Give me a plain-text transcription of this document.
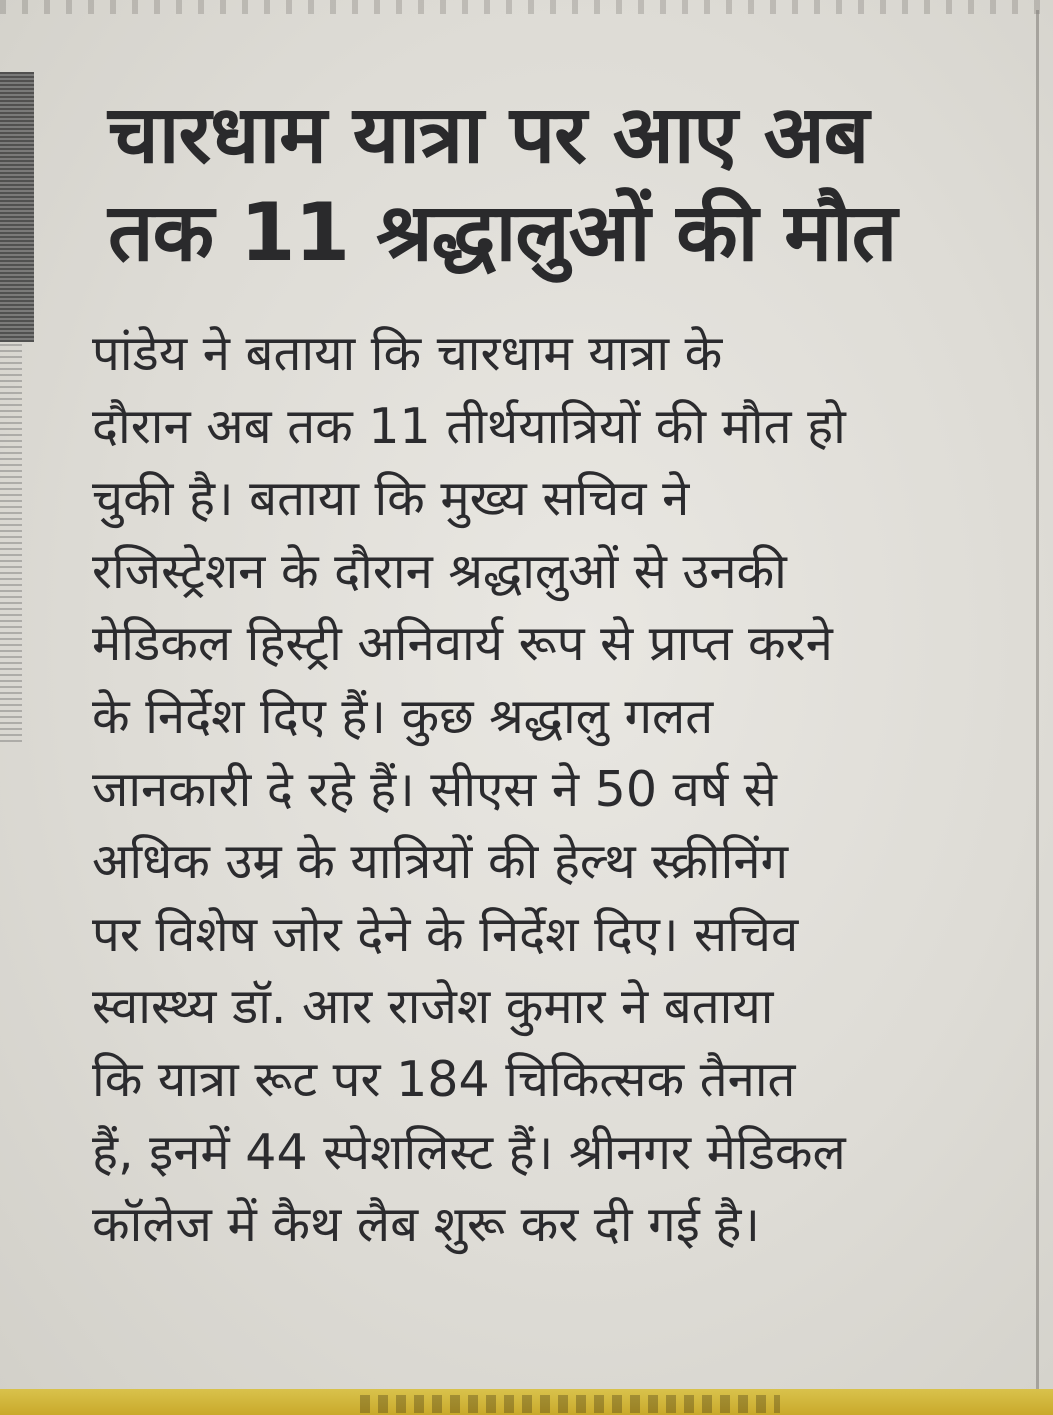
चारधाम यात्रा पर आए अब
तक 11 श्रद्धालुओं की मौत
पांडेय ने बताया कि चारधाम यात्रा के
दौरान अब तक 11 तीर्थयात्रियों की मौत हो
चुकी है। बताया कि मुख्य सचिव ने
रजिस्ट्रेशन के दौरान श्रद्धालुओं से उनकी
मेडिकल हिस्ट्री अनिवार्य रूप से प्राप्त करने
के निर्देश दिए हैं। कुछ श्रद्धालु गलत
जानकारी दे रहे हैं। सीएस ने 50 वर्ष से
अधिक उम्र के यात्रियों की हेल्थ स्क्रीनिंग
पर विशेष जोर देने के निर्देश दिए। सचिव
स्वास्थ्य डॉ. आर राजेश कुमार ने बताया
कि यात्रा रूट पर 184 चिकित्सक तैनात
हैं, इनमें 44 स्पेशलिस्ट हैं। श्रीनगर मेडिकल
कॉलेज में कैथ लैब शुरू कर दी गई है।
